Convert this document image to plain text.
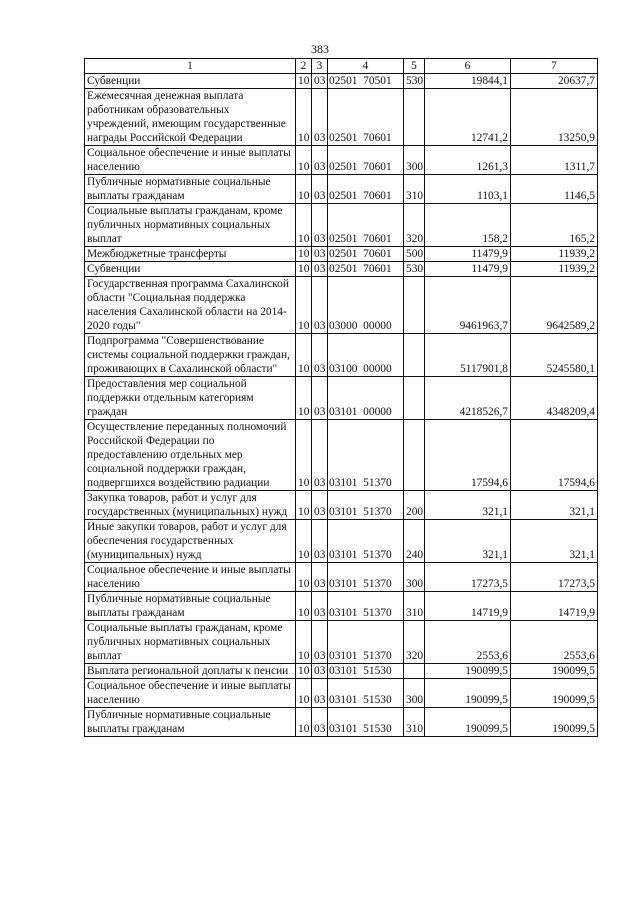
383
1	2	3	4	5	6	7
Субвенции	10	03	02501  70501	530	19844,1	20637,7
Ежемесячная денежная выплата работникам образовательных учреждений, имеющим государственные награды Российской Федерации	10	03	02501  70601		12741,2	13250,9
Социальное обеспечение и иные выплаты населению	10	03	02501  70601	300	1261,3	1311,7
Публичные нормативные социальные выплаты гражданам	10	03	02501  70601	310	1103,1	1146,5
Социальные выплаты гражданам, кроме публичных нормативных социальных выплат	10	03	02501  70601	320	158,2	165,2
Межбюджетные трансферты	10	03	02501  70601	500	11479,9	11939,2
Субвенции	10	03	02501  70601	530	11479,9	11939,2
Государственная программа Сахалинской области "Социальная поддержка населения Сахалинской области на 2014-2020 годы"	10	03	03000  00000		9461963,7	9642589,2
Подпрограмма "Совершенствование системы социальной поддержки граждан, проживающих в Сахалинской области"	10	03	03100  00000		5117901,8	5245580,1
Предоставления мер социальной поддержки отдельным категориям граждан	10	03	03101  00000		4218526,7	4348209,4
Осуществление переданных полномочий Российской Федерации по предоставлению отдельных мер социальной поддержки граждан, подвергшихся воздействию радиации	10	03	03101  51370		17594,6	17594,6
Закупка товаров, работ и услуг для государственных (муниципальных) нужд	10	03	03101  51370	200	321,1	321,1
Иные закупки товаров, работ и услуг для обеспечения государственных (муниципальных) нужд	10	03	03101  51370	240	321,1	321,1
Социальное обеспечение и иные выплаты населению	10	03	03101  51370	300	17273,5	17273,5
Публичные нормативные социальные выплаты гражданам	10	03	03101  51370	310	14719,9	14719,9
Социальные выплаты гражданам, кроме публичных нормативных социальных выплат	10	03	03101  51370	320	2553,6	2553,6
Выплата региональной доплаты к пенсии	10	03	03101  51530		190099,5	190099,5
Социальное обеспечение и иные выплаты населению	10	03	03101  51530	300	190099,5	190099,5
Публичные нормативные социальные выплаты гражданам	10	03	03101  51530	310	190099,5	190099,5
